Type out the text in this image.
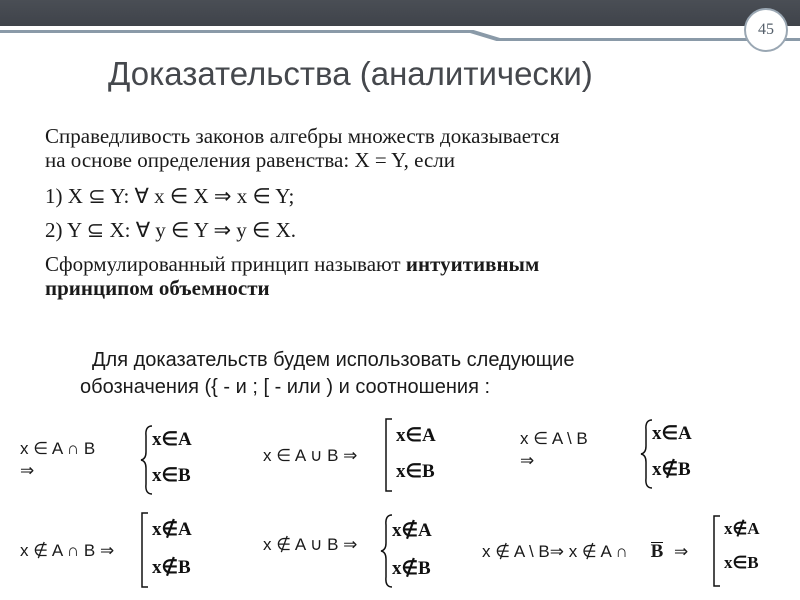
45
Доказательства (аналитически)

Справедливость законов алгебры множеств доказывается

на основе определения равенства: X = Y, если

1) X ⊆ Y: ∀ x ∈ X ⇒ x ∈ Y;

2) Y ⊆ X: ∀ y ∈ Y ⇒ y ∈ X.

Сформулированный принцип называют интуитивным

принципом объемности

Для доказательств будем использовать следующие

обозначения ({ - и ; [ - или ) и соотношения :

x ∈ A ∩ B
⇒
x∈A
x∈B
x ∈ A ∪ B ⇒
x∈A
x∈B
x ∈ A \ B
⇒
x∈A
x∉B
x ∉ A ∩ B ⇒
x∉A
x∉B
x ∉ A ∪ B ⇒
x∉A
x∉B
x ∉ A \ B⇒ x ∉ A ∩ B ⇒
x∉A
x∈B
